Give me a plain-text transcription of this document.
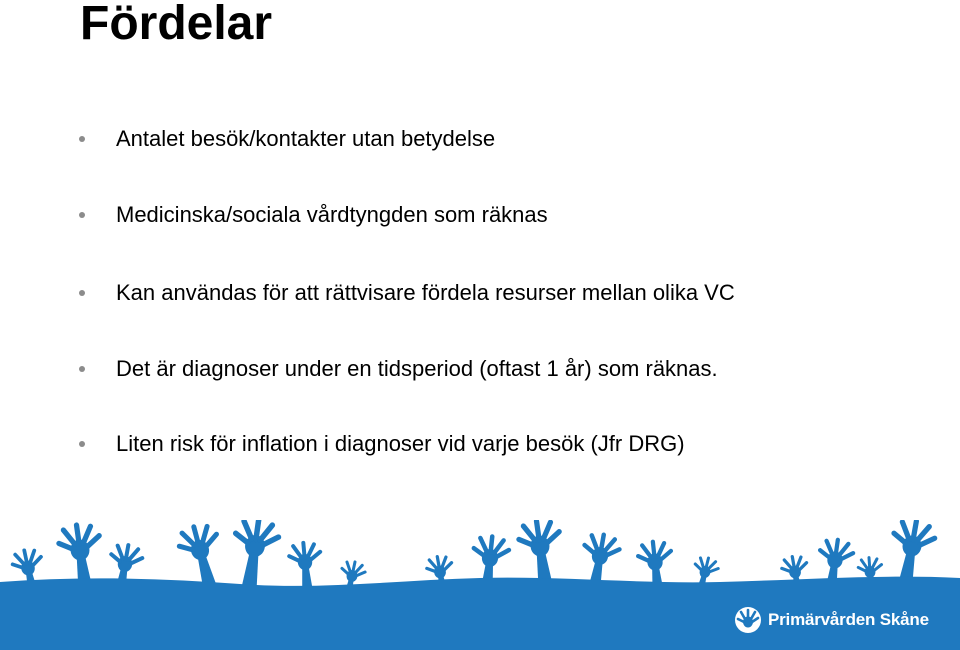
Fördelar
Antalet besök/kontakter utan betydelse
Medicinska/sociala vårdtyngden som räknas
Kan användas för att rättvisare fördela resurser mellan olika VC
Det är diagnoser under en tidsperiod (oftast 1 år) som räknas.
Liten risk för inflation i diagnoser vid varje besök (Jfr DRG)
Primärvården Skåne
